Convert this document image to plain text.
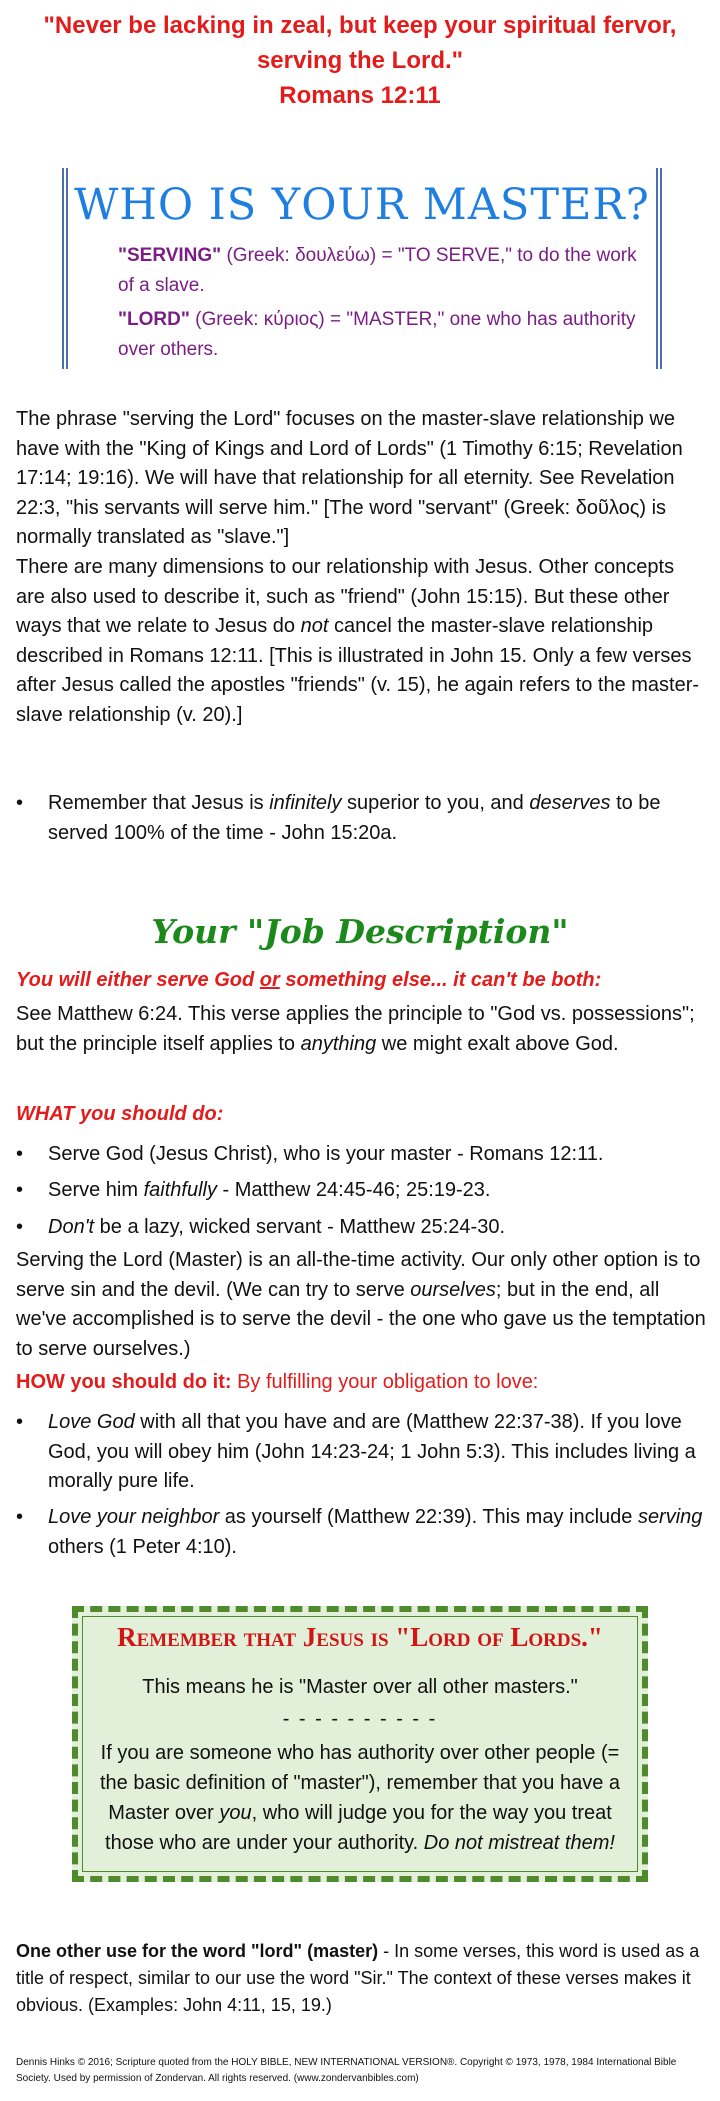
"Never be lacking in zeal, but keep your spiritual fervor,
serving the Lord."
Romans 12:11
WHO IS YOUR MASTER?
"SERVING" (Greek: δουλεύω) = "TO SERVE," to do the work of a slave.
"LORD" (Greek: κύριος) = "MASTER," one who has authority over others.
The phrase "serving the Lord" focuses on the master-slave relationship we have with the "King of Kings and Lord of Lords" (1 Timothy 6:15; Revelation 17:14; 19:16). We will have that relationship for all eternity. See Revelation 22:3, "his servants will serve him." [The word "servant" (Greek: δοῦλος) is normally translated as "slave."]
There are many dimensions to our relationship with Jesus. Other concepts are also used to describe it, such as "friend" (John 15:15). But these other ways that we relate to Jesus do not cancel the master-slave relationship described in Romans 12:11. [This is illustrated in John 15. Only a few verses after Jesus called the apostles "friends" (v. 15), he again refers to the master-slave relationship (v. 20).]
• Remember that Jesus is infinitely superior to you, and deserves to be served 100% of the time - John 15:20a.
Your "Job Description"
You will either serve God or something else... it can't be both:
See Matthew 6:24. This verse applies the principle to "God vs. possessions"; but the principle itself applies to anything we might exalt above God.
WHAT you should do:
• Serve God (Jesus Christ), who is your master - Romans 12:11.
• Serve him faithfully - Matthew 24:45-46; 25:19-23.
• Don't be a lazy, wicked servant - Matthew 25:24-30.
Serving the Lord (Master) is an all-the-time activity. Our only other option is to serve sin and the devil. (We can try to serve ourselves; but in the end, all we've accomplished is to serve the devil - the one who gave us the temptation to serve ourselves.)
HOW you should do it: By fulfilling your obligation to love:
• Love God with all that you have and are (Matthew 22:37-38). If you love God, you will obey him (John 14:23-24; 1 John 5:3). This includes living a morally pure life.
• Love your neighbor as yourself (Matthew 22:39). This may include serving others (1 Peter 4:10).
Remember that Jesus is "Lord of Lords."
This means he is "Master over all other masters."
- - - - - - - - - -
If you are someone who has authority over other people (= the basic definition of "master"), remember that you have a Master over you, who will judge you for the way you treat those who are under your authority. Do not mistreat them!
One other use for the word "lord" (master) - In some verses, this word is used as a title of respect, similar to our use the word "Sir." The context of these verses makes it obvious. (Examples: John 4:11, 15, 19.)
Dennis Hinks © 2016; Scripture quoted from the HOLY BIBLE, NEW INTERNATIONAL VERSION®. Copyright © 1973, 1978, 1984 International Bible Society. Used by permission of Zondervan. All rights reserved. (www.zondervanbibles.com)
